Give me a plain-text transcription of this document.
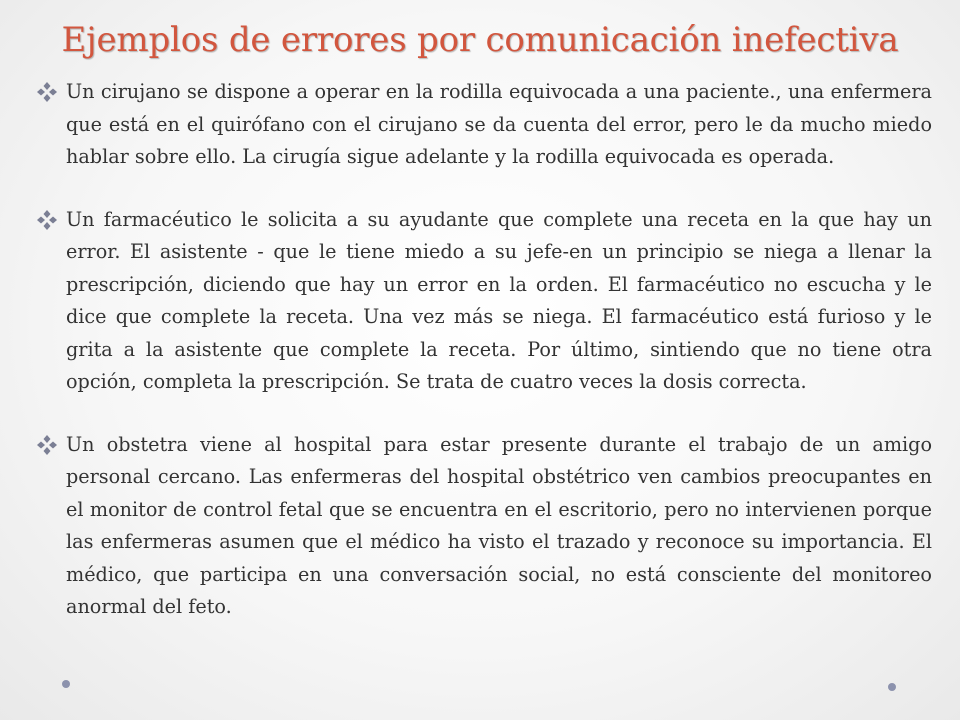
Ejemplos de errores por comunicación inefectiva

Un cirujano se dispone a operar en la rodilla equivocada a una paciente., una enfermera que está en el quirófano con el cirujano se da cuenta del error, pero le da mucho miedo hablar sobre ello. La cirugía sigue adelante y la rodilla equivocada es operada.

Un farmacéutico le solicita a su ayudante que complete una receta en la que hay un error. El asistente - que le tiene miedo a su jefe-en un principio se niega a llenar la prescripción, diciendo que hay un error en la orden. El farmacéutico no escucha y le dice que complete la receta. Una vez más se niega. El farmacéutico está furioso y le grita a la asistente que complete la receta. Por último, sintiendo que no tiene otra opción, completa la prescripción. Se trata de cuatro veces la dosis correcta.

Un obstetra viene al hospital para estar presente durante el trabajo de un amigo personal cercano. Las enfermeras del hospital obstétrico ven cambios preocupantes en el monitor de control fetal que se encuentra en el escritorio, pero no intervienen porque las enfermeras asumen que el médico ha visto el trazado y reconoce su importancia. El médico, que participa en una conversación social, no está consciente del monitoreo anormal del feto.
